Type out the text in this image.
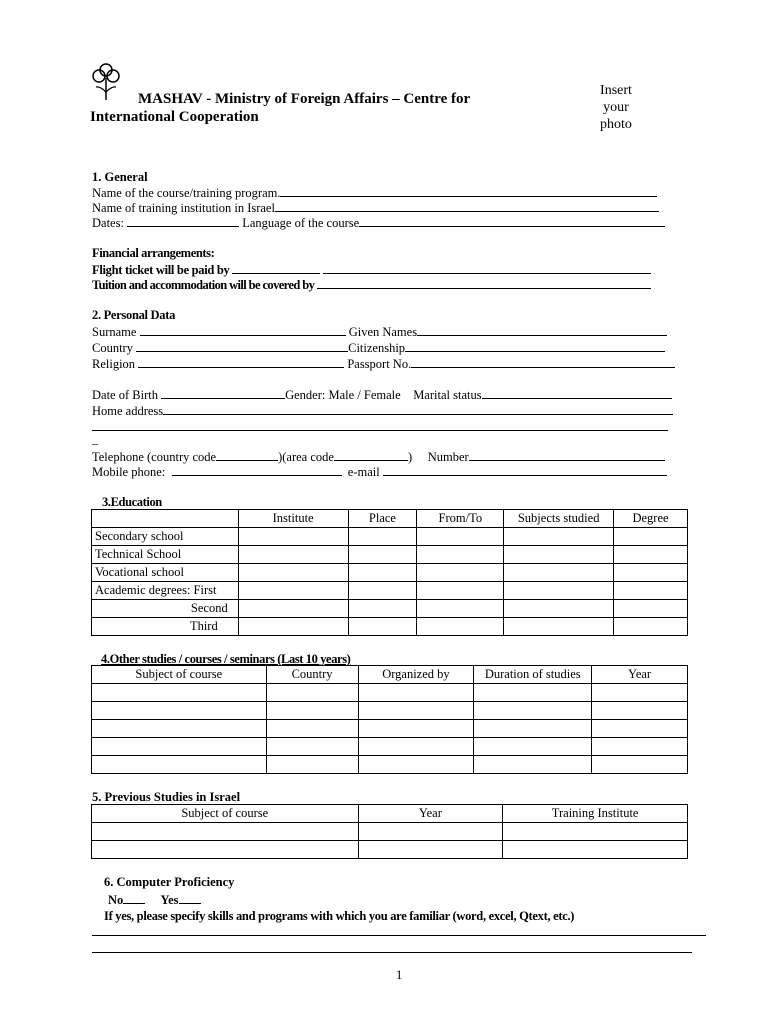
MASHAV - Ministry of Foreign Affairs – Centre for
International Cooperation
Insert
your
photo
1. General
Name of the course/training program.
Name of training institution in Israel
Dates:	Language of the course
Financial arrangements:
Flight ticket will be paid by
Tuition and accommodation will be covered by
2. Personal Data
Surname	Given Names
Country	Citizenship
Religion	Passport No.
Date of Birth	Gender: Male / Female Marital status
Home address
_
Telephone (country code	)(area code	) Number
Mobile phone:	e-mail
3.Education
	Institute	Place	From/To	Subjects studied	Degree
Secondary school					
Technical School					
Vocational school					
Academic degrees: First					
Second					
Third					
4.Other studies / courses / seminars (Last 10 years)
Subject of course	Country	Organized by	Duration of studies	Year

5. Previous Studies in Israel
Subject of course	Year	Training Institute

6. Computer Proficiency
No	Yes
If yes, please specify skills and programs with which you are familiar (word, excel, Qtext, etc.)
1
